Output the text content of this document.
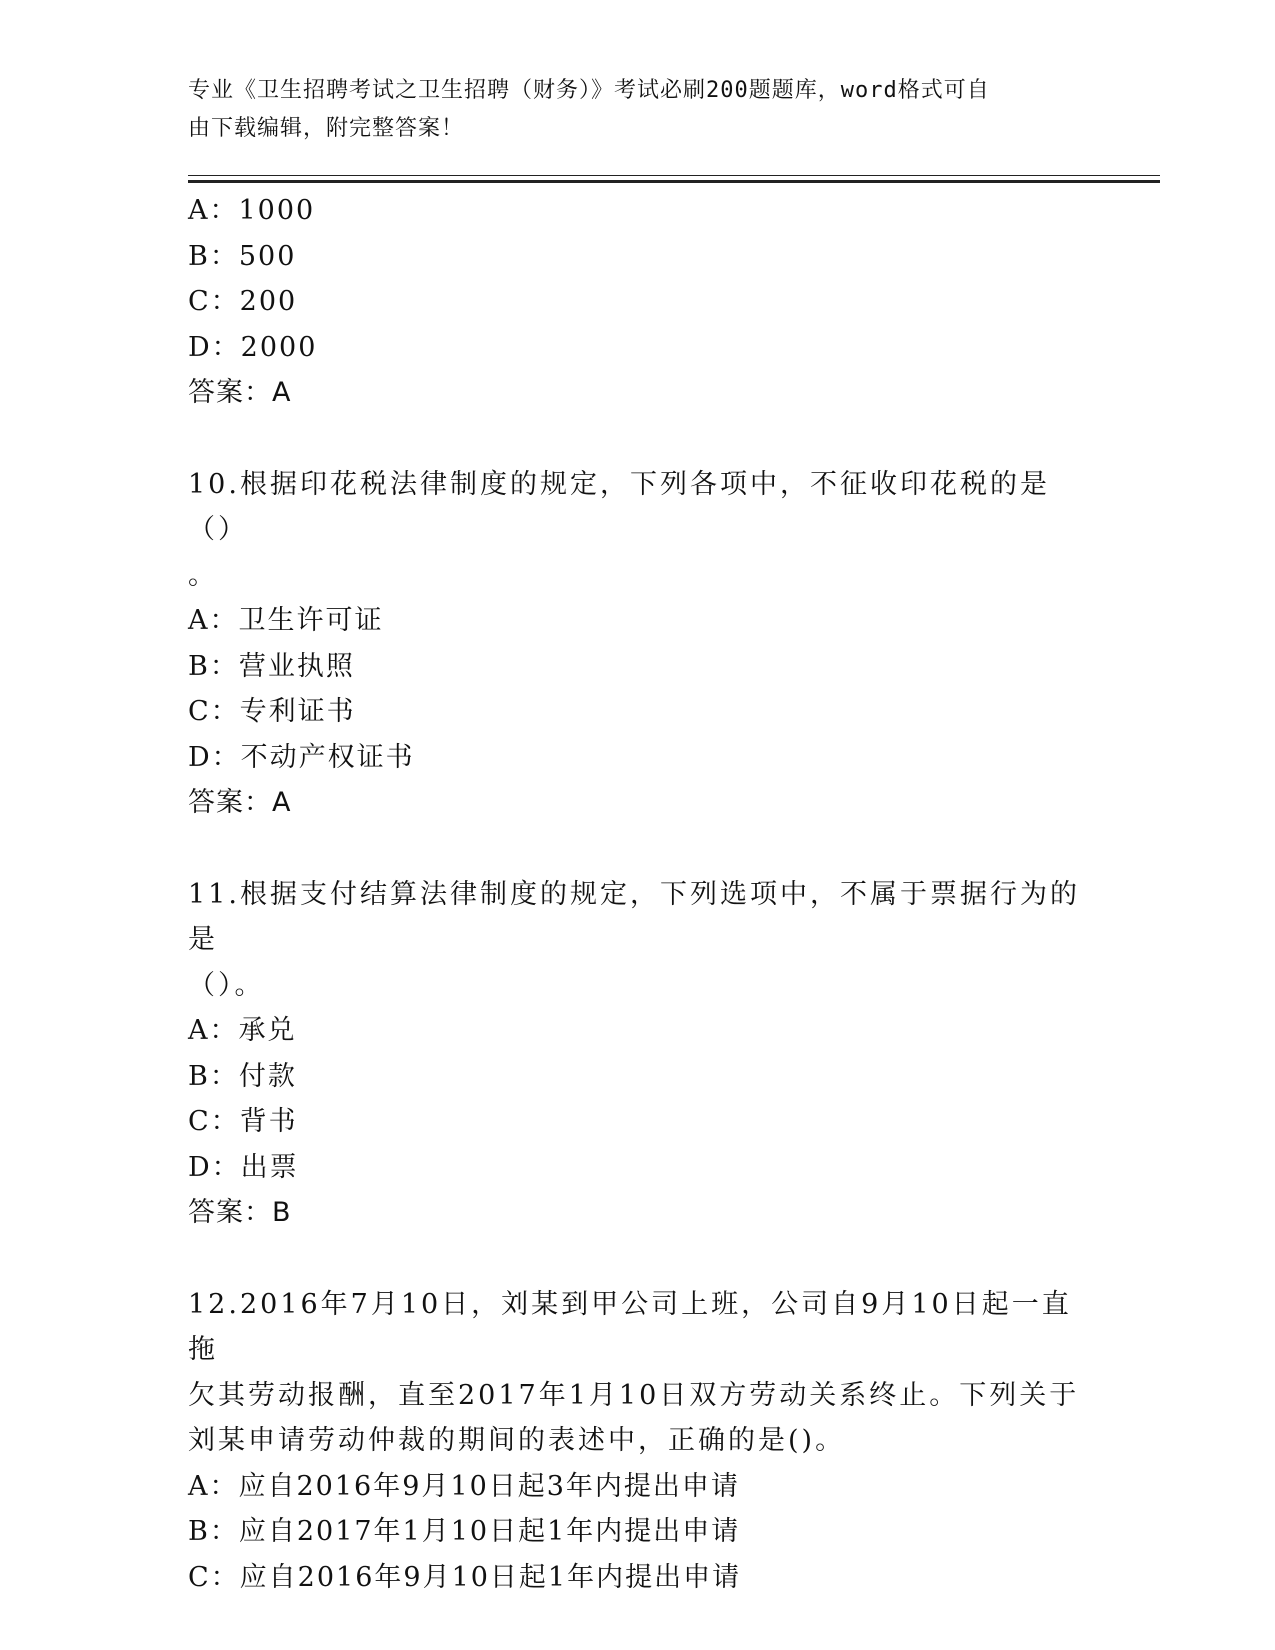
专业《卫生招聘考试之卫生招聘（财务）》考试必刷200题题库，word格式可自
由下载编辑，附完整答案！
A：1000
B：500
C：200
D：2000
答案：A
10.根据印花税法律制度的规定，下列各项中，不征收印花税的是（）
。
A：卫生许可证
B：营业执照
C：专利证书
D：不动产权证书
答案：A
11.根据支付结算法律制度的规定，下列选项中，不属于票据行为的是
（）。
A：承兑
B：付款
C：背书
D：出票
答案：B
12.2016年7月10日，刘某到甲公司上班，公司自9月10日起一直拖
欠其劳动报酬，直至2017年1月10日双方劳动关系终止。下列关于
刘某申请劳动仲裁的期间的表述中，正确的是()。
A：应自2016年9月10日起3年内提出申请
B：应自2017年1月10日起1年内提出申请
C：应自2016年9月10日起1年内提出申请
